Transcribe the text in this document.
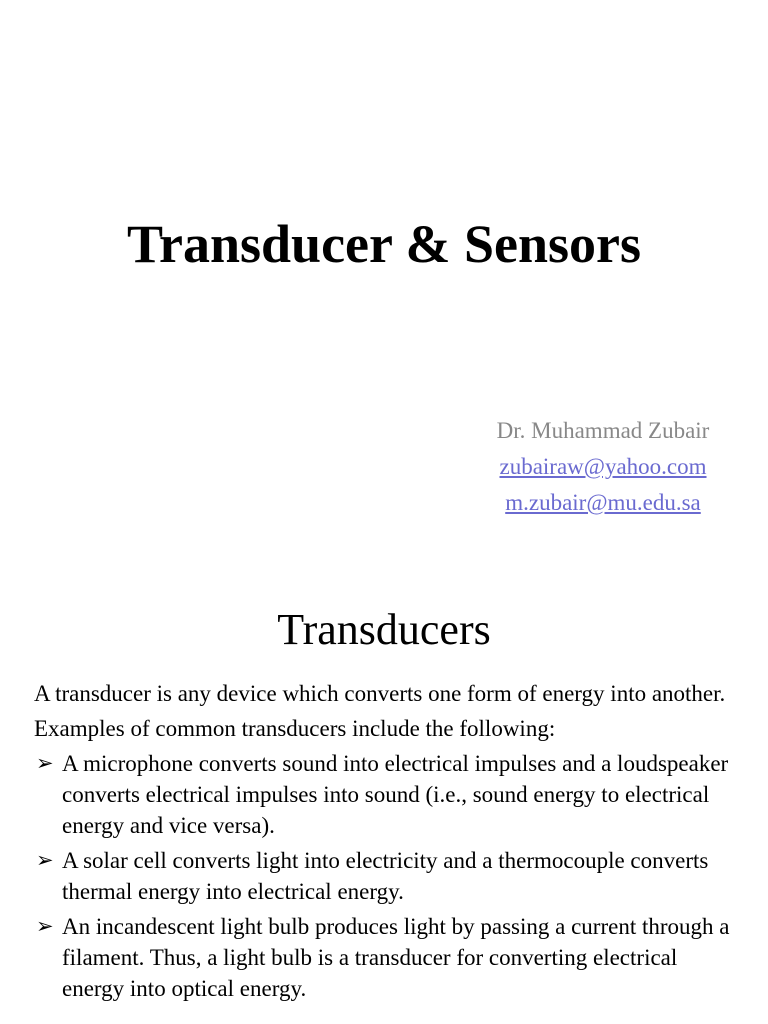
Transducer & Sensors
Dr. Muhammad Zubair
zubairaw@yahoo.com
m.zubair@mu.edu.sa
Transducers

A transducer is any device which converts one form of energy into another.

Examples of common transducers include the following:

➢ A microphone converts sound into electrical impulses and a loudspeaker converts electrical impulses into sound (i.e., sound energy to electrical energy and vice versa).
➢ A solar cell converts light into electricity and a thermocouple converts thermal energy into electrical energy.
➢ An incandescent light bulb produces light by passing a current through a filament. Thus, a light bulb is a transducer for converting electrical energy into optical energy.
